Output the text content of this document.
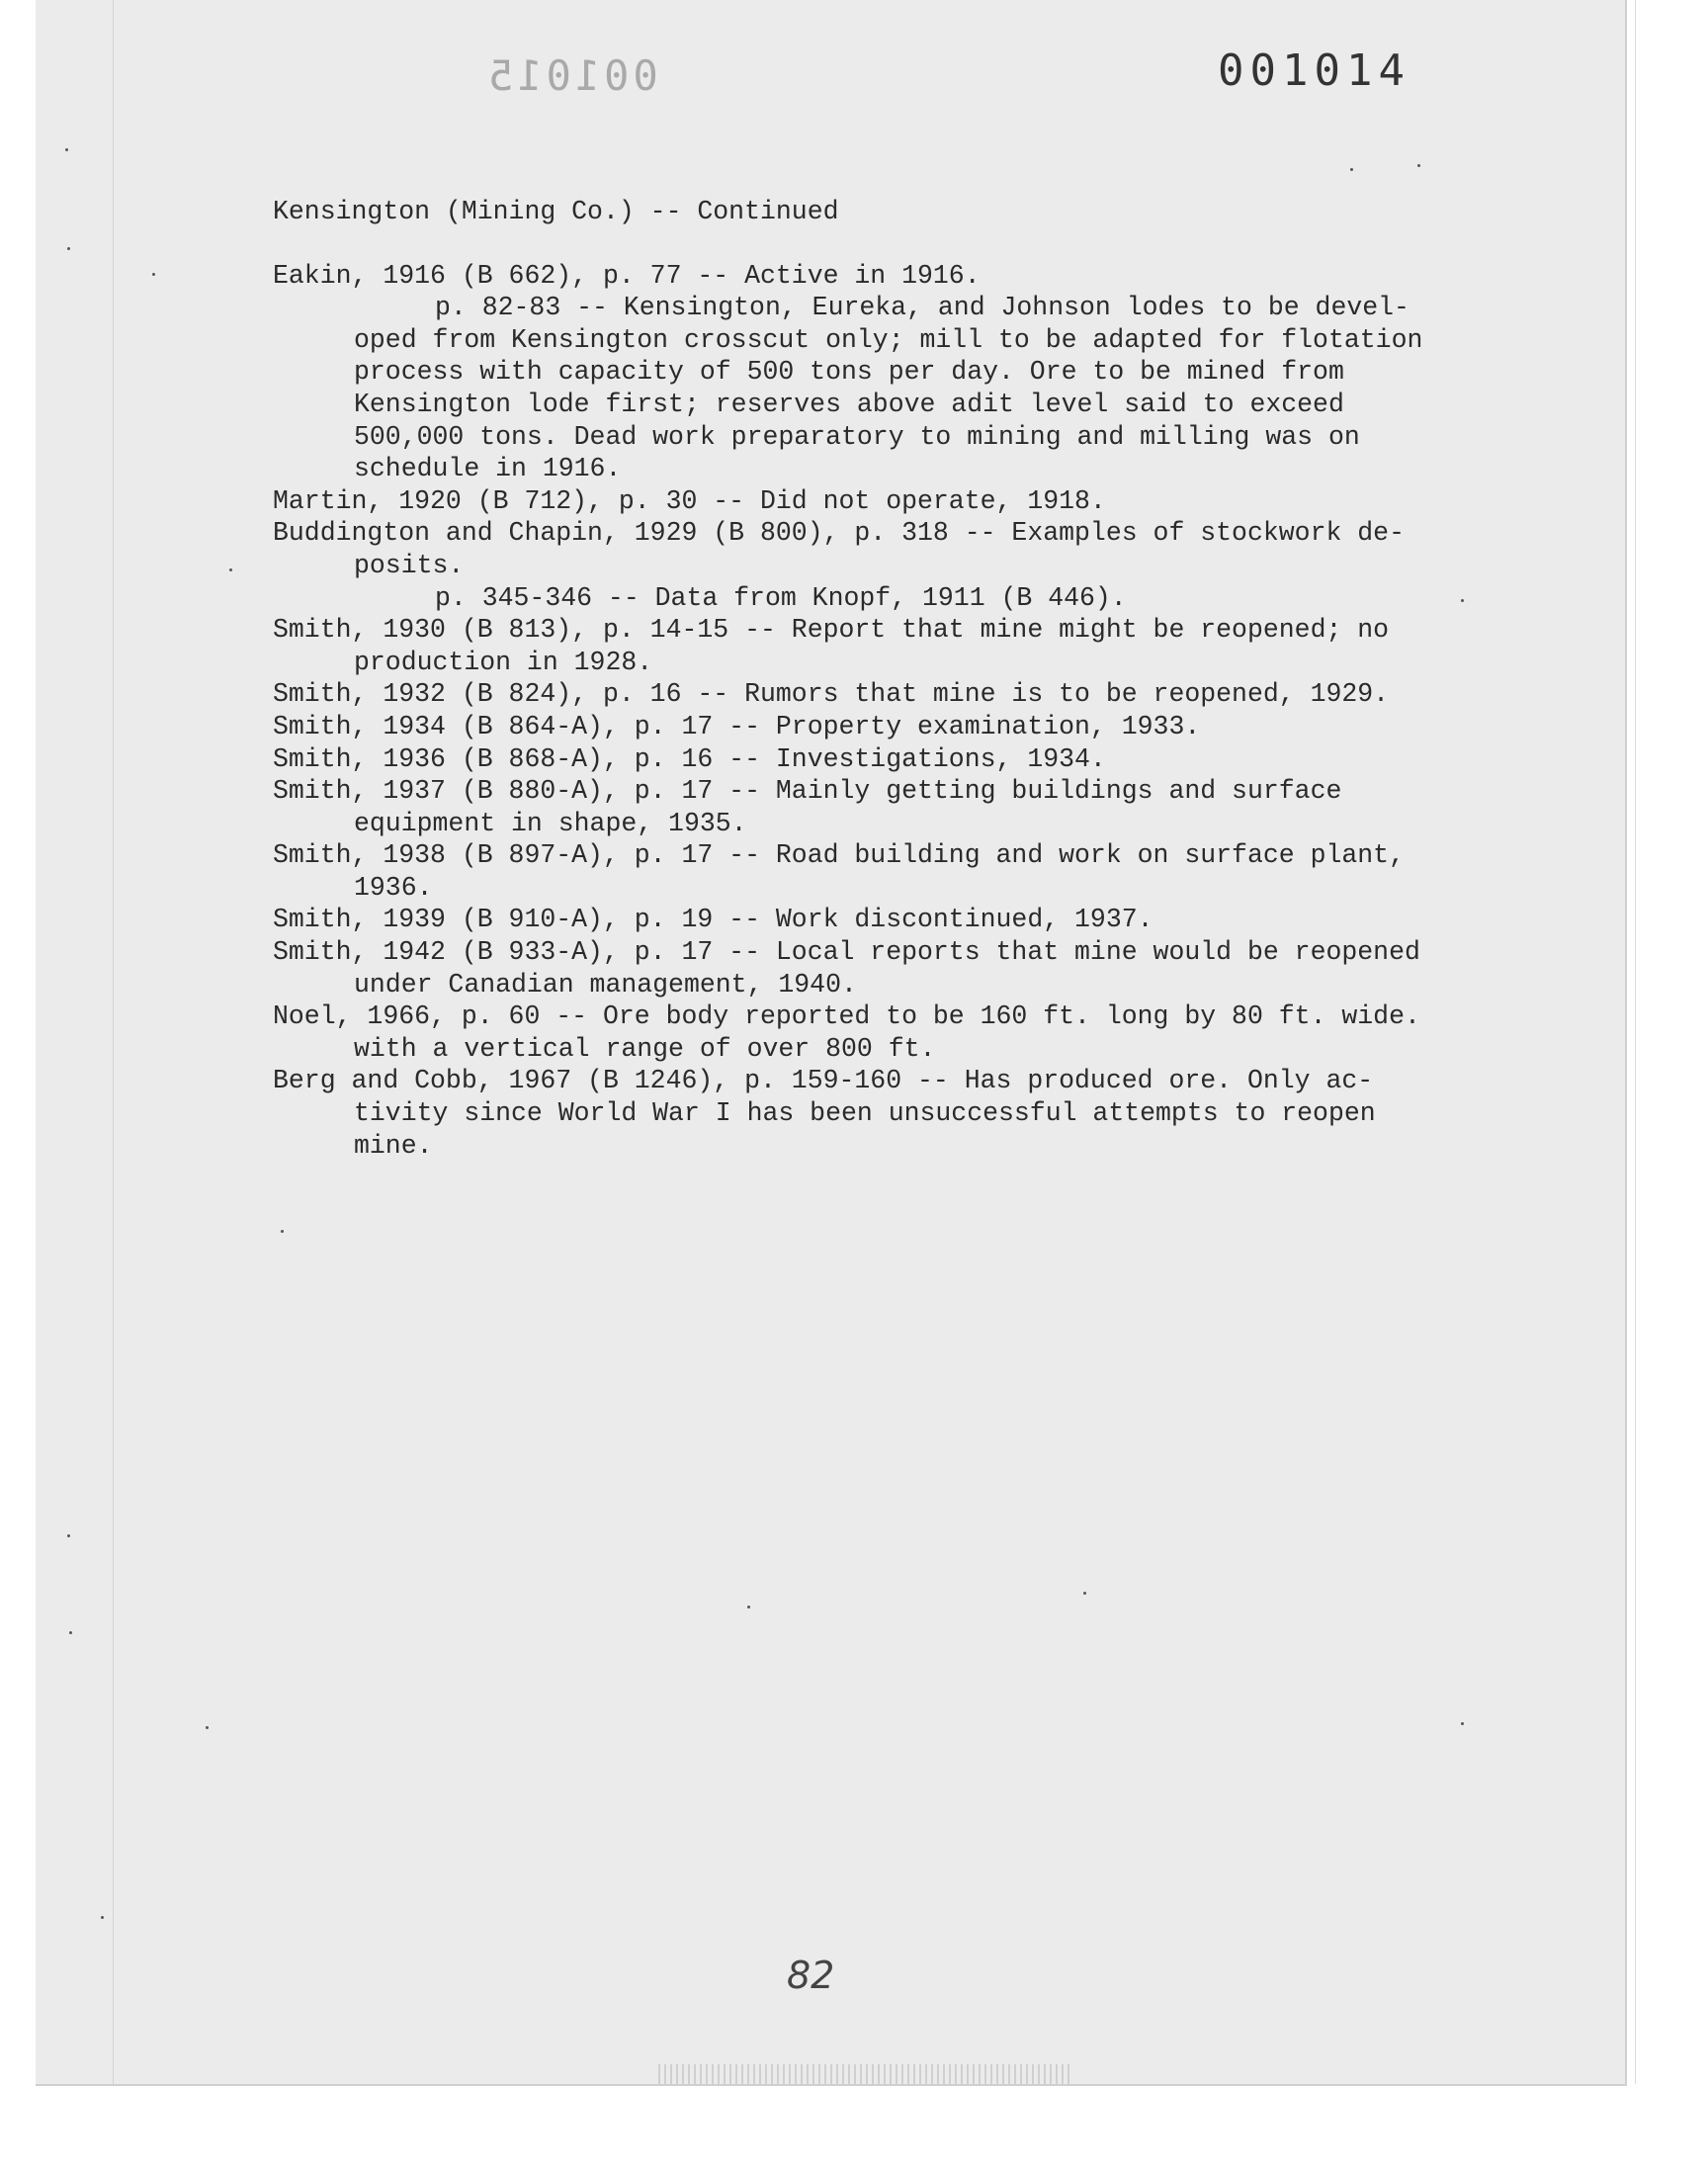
001015	001014
Kensington (Mining Co.) -- Continued
Eakin, 1916 (B 662), p. 77 -- Active in 1916.
p. 82-83 -- Kensington, Eureka, and Johnson lodes to be devel-
oped from Kensington crosscut only; mill to be adapted for flotation
process with capacity of 500 tons per day. Ore to be mined from
Kensington lode first; reserves above adit level said to exceed
500,000 tons. Dead work preparatory to mining and milling was on
schedule in 1916.
Martin, 1920 (B 712), p. 30 -- Did not operate, 1918.
Buddington and Chapin, 1929 (B 800), p. 318 -- Examples of stockwork de-
posits.
p. 345-346 -- Data from Knopf, 1911 (B 446).
Smith, 1930 (B 813), p. 14-15 -- Report that mine might be reopened; no
production in 1928.
Smith, 1932 (B 824), p. 16 -- Rumors that mine is to be reopened, 1929.
Smith, 1934 (B 864-A), p. 17 -- Property examination, 1933.
Smith, 1936 (B 868-A), p. 16 -- Investigations, 1934.
Smith, 1937 (B 880-A), p. 17 -- Mainly getting buildings and surface
equipment in shape, 1935.
Smith, 1938 (B 897-A), p. 17 -- Road building and work on surface plant,
1936.
Smith, 1939 (B 910-A), p. 19 -- Work discontinued, 1937.
Smith, 1942 (B 933-A), p. 17 -- Local reports that mine would be reopened
under Canadian management, 1940.
Noel, 1966, p. 60 -- Ore body reported to be 160 ft. long by 80 ft. wide.
with a vertical range of over 800 ft.
Berg and Cobb, 1967 (B 1246), p. 159-160 -- Has produced ore. Only ac-
tivity since World War I has been unsuccessful attempts to reopen
mine.
82
